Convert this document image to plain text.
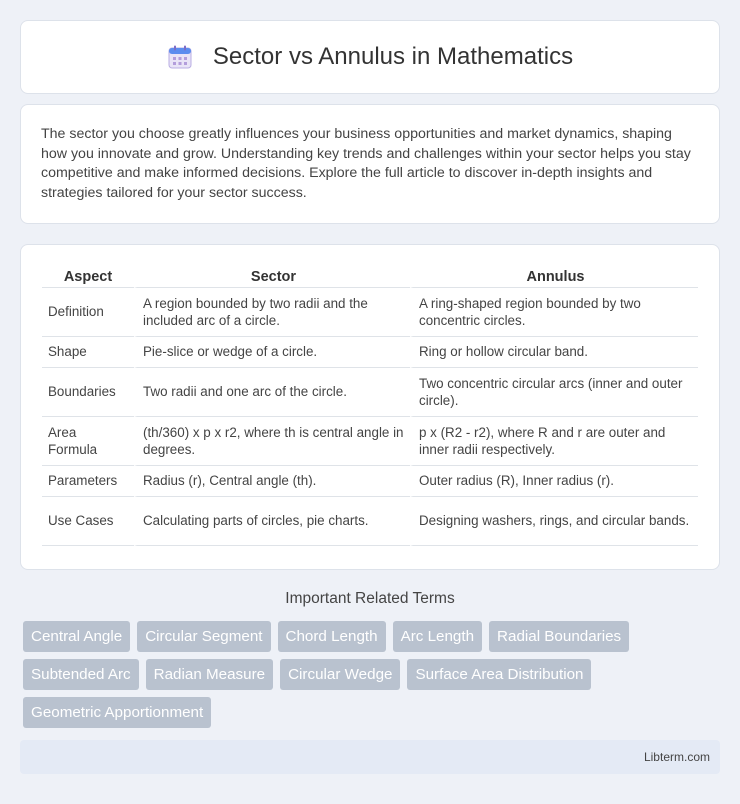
Sector vs Annulus in Mathematics

The sector you choose greatly influences your business opportunities and market dynamics, shaping how you innovate and grow. Understanding key trends and challenges within your sector helps you stay competitive and make informed decisions. Explore the full article to discover in-depth insights and strategies tailored for your sector success.

Aspect	Sector	Annulus
Definition	A region bounded by two radii and the included arc of a circle.	A ring-shaped region bounded by two concentric circles.
Shape	Pie-slice or wedge of a circle.	Ring or hollow circular band.
Boundaries	Two radii and one arc of the circle.	Two concentric circular arcs (inner and outer circle).
Area Formula	(th/360) x p x r2, where th is central angle in degrees.	p x (R2 - r2), where R and r are outer and inner radii respectively.
Parameters	Radius (r), Central angle (th).	Outer radius (R), Inner radius (r).
Use Cases	Calculating parts of circles, pie charts.	Designing washers, rings, and circular bands.
Important Related Terms
Central Angle	Circular Segment	Chord Length	Arc Length	Radial Boundaries
Subtended Arc	Radian Measure	Circular Wedge	Surface Area Distribution
Geometric Apportionment
Libterm.com
